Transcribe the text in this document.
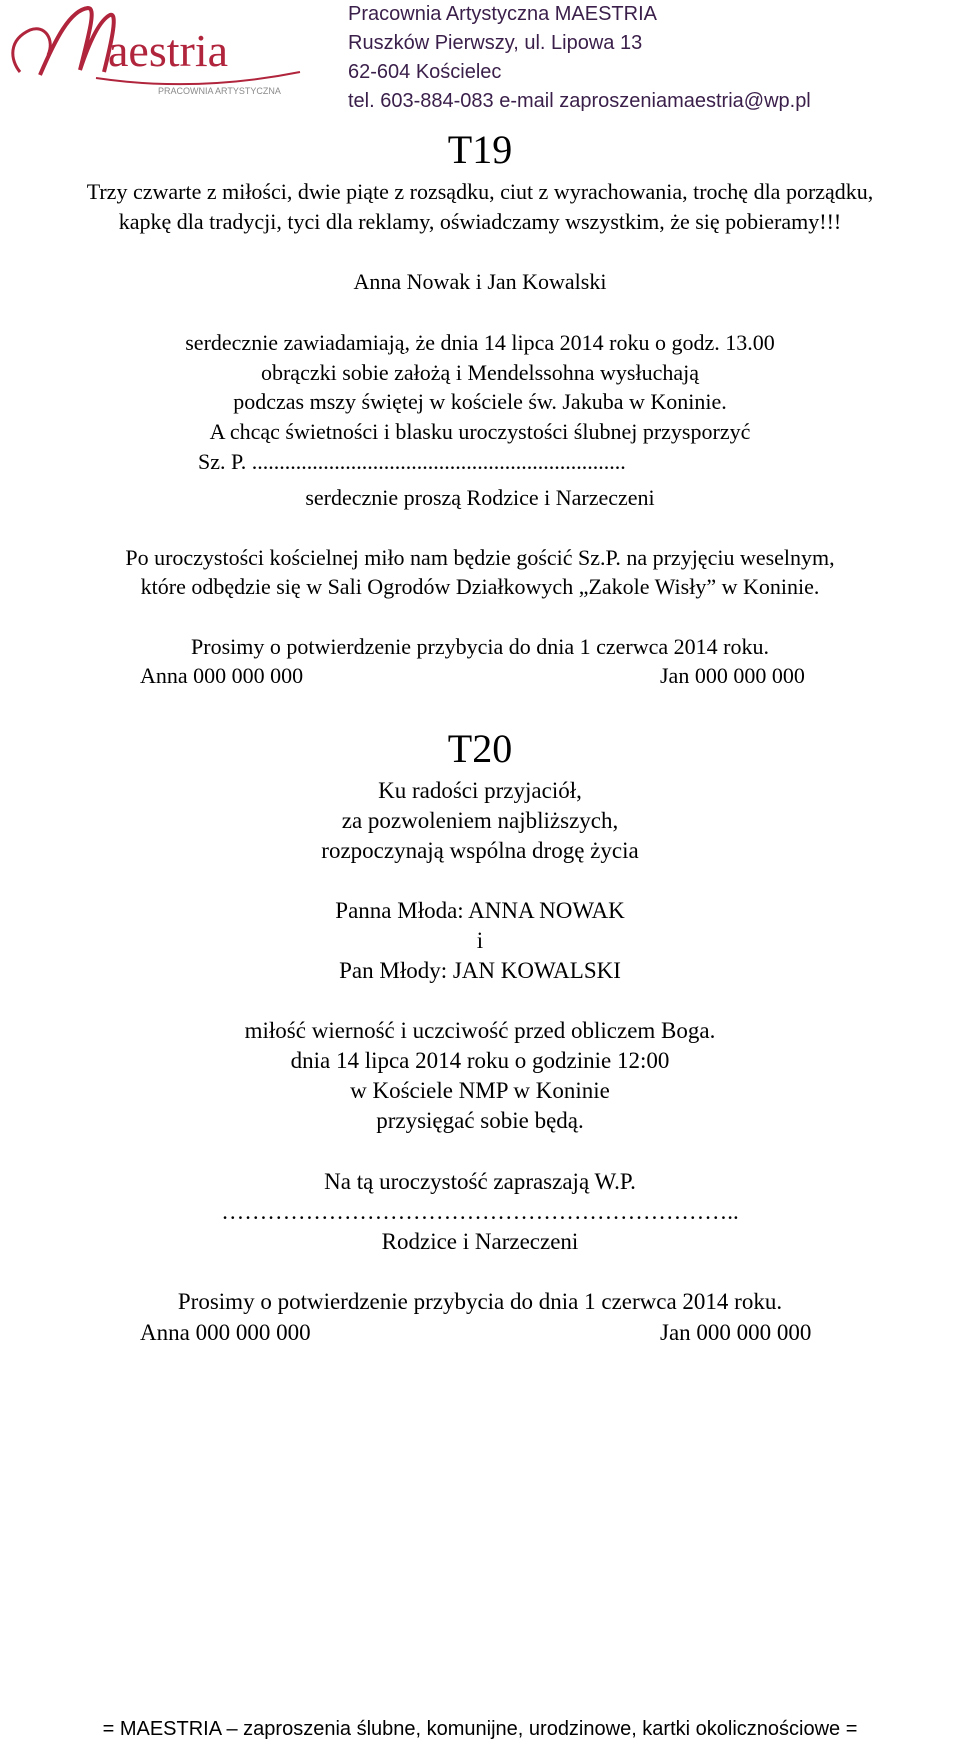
aestria
PRACOWNIA ARTYSTYCZNA
Pracownia Artystyczna MAESTRIA
Ruszków Pierwszy, ul. Lipowa 13
62-604 Kościelec
tel. 603-884-083 e-mail zaproszeniamaestria@wp.pl
T19
Trzy czwarte z miłości, dwie piąte z rozsądku, ciut z wyrachowania, trochę dla porządku,
kapkę dla tradycji, tyci dla reklamy, oświadczamy wszystkim, że się pobieramy!!!
Anna Nowak i Jan Kowalski
serdecznie zawiadamiają, że dnia 14 lipca 2014 roku o godz. 13.00
obrączki sobie założą i Mendelssohna wysłuchają
podczas mszy świętej w kościele św. Jakuba w Koninie.
A chcąc świetności i blasku uroczystości ślubnej przysporzyć
Sz. P. ....................................................................
serdecznie proszą Rodzice i Narzeczeni
Po uroczystości kościelnej miło nam będzie gościć Sz.P. na przyjęciu weselnym,
które odbędzie się w Sali Ogrodów Działkowych „Zakole Wisły” w Koninie.
Prosimy o potwierdzenie przybycia do dnia 1 czerwca 2014 roku.
Anna 000 000 000	Jan 000 000 000
T20
Ku radości przyjaciół,
za pozwoleniem najbliższych,
rozpoczynają wspólna drogę życia
Panna Młoda: ANNA NOWAK
i
Pan Młody: JAN KOWALSKI
miłość wierność i uczciwość przed obliczem Boga.
dnia 14 lipca 2014 roku o godzinie 12:00
w Kościele NMP w Koninie
przysięgać sobie będą.
Na tą uroczystość zapraszają W.P.
…………………………………………………………..
Rodzice i Narzeczeni
Prosimy o potwierdzenie przybycia do dnia 1 czerwca 2014 roku.
Anna 000 000 000	Jan 000 000 000
= MAESTRIA – zaproszenia ślubne, komunijne, urodzinowe, kartki okolicznościowe =
